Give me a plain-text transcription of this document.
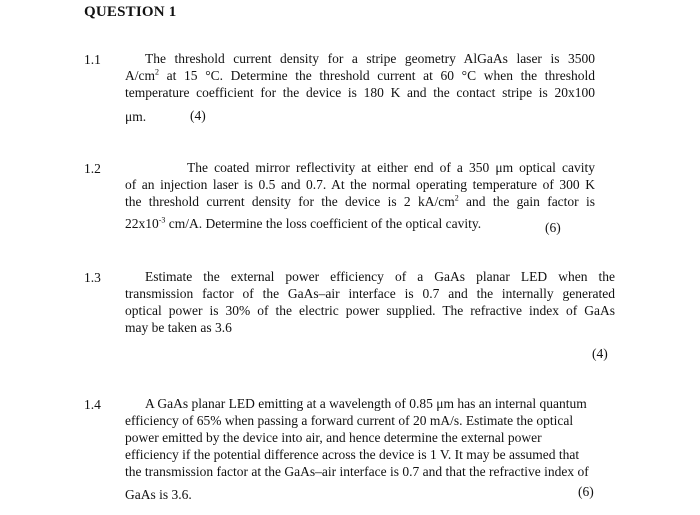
QUESTION 1
1.1	The threshold current density for a stripe geometry AlGaAs laser is 3500
$A/cm^2$ at 15 °C. Determine the threshold current at 60 °C when the threshold
temperature coefficient for the device is 180 K and the contact stripe is 20x100
μm.	(4)
1.2	The coated mirror reflectivity at either end of a 350 μm optical cavity
of an injection laser is 0.5 and 0.7. At the normal operating temperature of 300 K
the threshold current density for the device is 2 $kA/cm^2$ and the gain factor is
$22x10^{-3}$ cm/A. Determine the loss coefficient of the optical cavity.	(6)
1.3	Estimate the external power efficiency of a GaAs planar LED when the
transmission factor of the GaAs–air interface is 0.7 and the internally generated
optical power is 30% of the electric power supplied. The refractive index of GaAs
may be taken as 3.6
(4)
1.4	A GaAs planar LED emitting at a wavelength of 0.85 μm has an internal quantum
efficiency of 65% when passing a forward current of 20 mA/s. Estimate the optical
power emitted by the device into air, and hence determine the external power
efficiency if the potential difference across the device is 1 V. It may be assumed that
the transmission factor at the GaAs–air interface is 0.7 and that the refractive index of
GaAs is 3.6.	(6)
